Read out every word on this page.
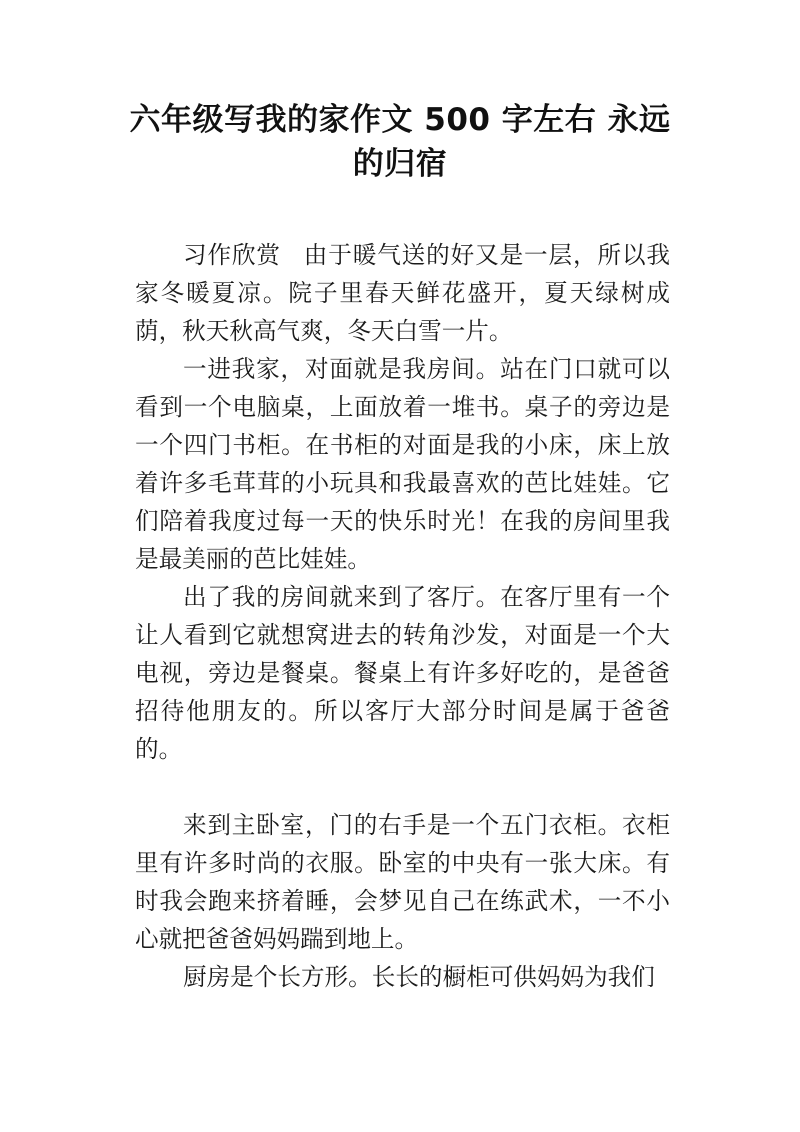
六年级写我的家作文 500 字左右 永远
的归宿

习作欣赏 由于暖气送的好又是一层，所以我家冬暖夏凉。院子里春天鲜花盛开，夏天绿树成荫，秋天秋高气爽，冬天白雪一片。

一进我家，对面就是我房间。站在门口就可以看到一个电脑桌，上面放着一堆书。桌子的旁边是一个四门书柜。在书柜的对面是我的小床，床上放着许多毛茸茸的小玩具和我最喜欢的芭比娃娃。它们陪着我度过每一天的快乐时光！在我的房间里我是最美丽的芭比娃娃。

出了我的房间就来到了客厅。在客厅里有一个让人看到它就想窝进去的转角沙发，对面是一个大电视，旁边是餐桌。餐桌上有许多好吃的，是爸爸招待他朋友的。所以客厅大部分时间是属于爸爸的。

来到主卧室，门的右手是一个五门衣柜。衣柜里有许多时尚的衣服。卧室的中央有一张大床。有时我会跑来挤着睡，会梦见自己在练武术，一不小心就把爸爸妈妈踹到地上。

厨房是个长方形。长长的橱柜可供妈妈为我们
